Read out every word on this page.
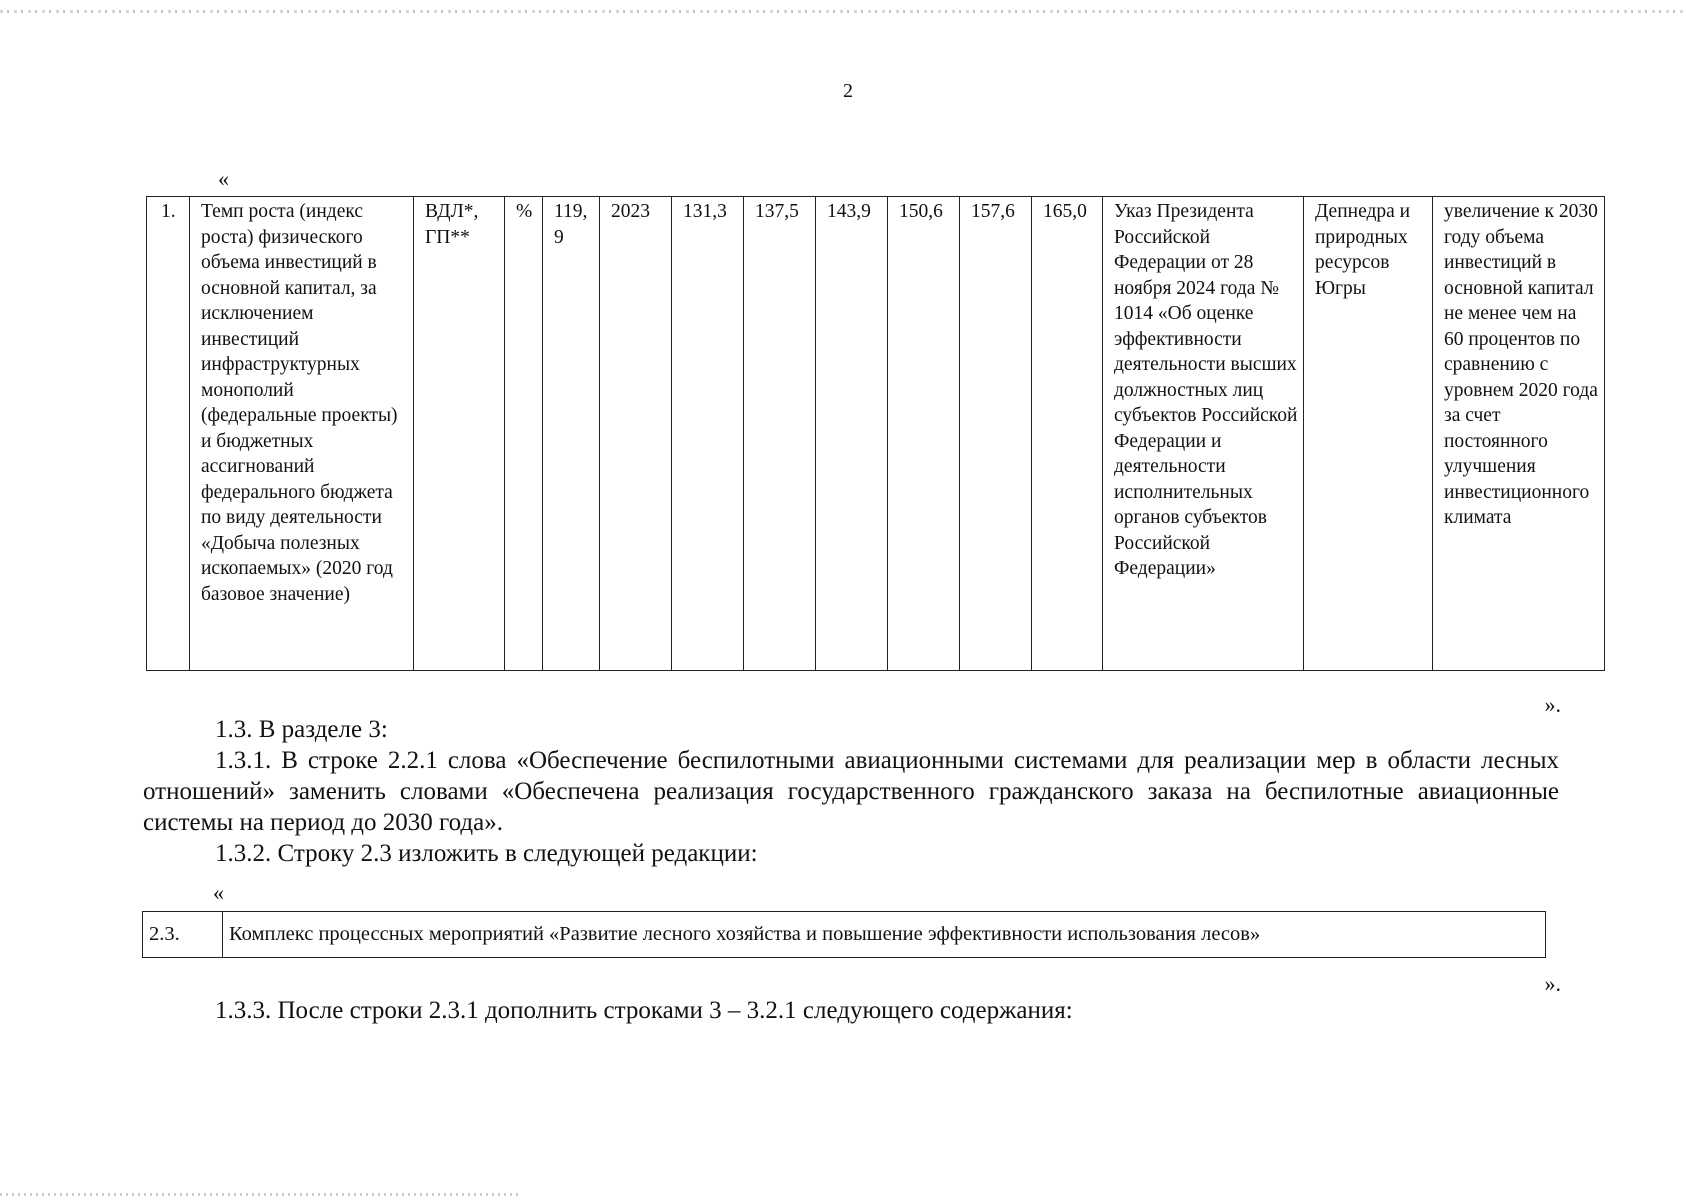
2
«
1.	Темп роста (индекс роста) физического объема инвестиций в основной капитал, за исключением инвестиций инфраструктурных монополий (федеральные проекты) и бюджетных ассигнований федерального бюджета по виду деятельности «Добыча полезных ископаемых» (2020 год базовое значение)	ВДЛ*, ГП**	%	119,9	2023	131,3	137,5	143,9	150,6	157,6	165,0	Указ Президента Российской Федерации от 28 ноября 2024 года № 1014 «Об оценке эффективности деятельности высших должностных лиц субъектов Российской Федерации и деятельности исполнительных органов субъектов Российской Федерации»	Депнедра и природных ресурсов Югры	увеличение к 2030 году объема инвестиций в основной капитал не менее чем на 60 процентов по сравнению с уровнем 2020 года за счет постоянного улучшения инвестиционного климата
».

1.3. В разделе 3:

1.3.1. В строке 2.2.1 слова «Обеспечение беспилотными авиационными системами для реализации мер в области лесных отношений» заменить словами «Обеспечена реализация государственного гражданского заказа на беспилотные авиационные системы на период до 2030 года».

1.3.2. Строку 2.3 изложить в следующей редакции:

«
2.3.	Комплекс процессных мероприятий «Развитие лесного хозяйства и повышение эффективности использования лесов»
».

1.3.3. После строки 2.3.1 дополнить строками 3 – 3.2.1 следующего содержания:
